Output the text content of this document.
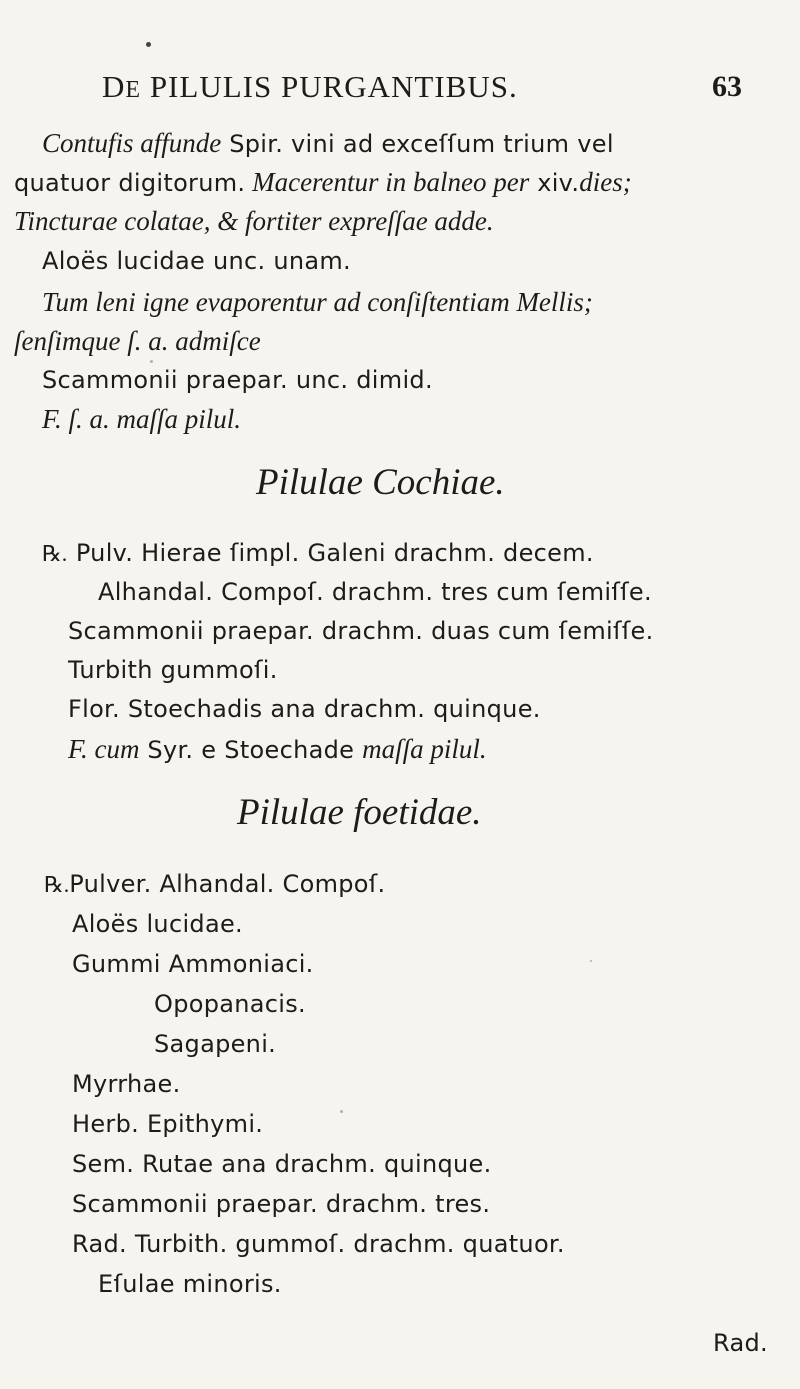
DE PILULIS PURGANTIBUS.	63
Contufis affunde Spir. vini ad exceſſum trium vel
quatuor digitorum. Macerentur in balneo per xiv.dies;
Tincturae colatae, & fortiter expreſſae adde.
Aloës lucidae unc. unam.
Tum leni igne evaporentur ad conſiſtentiam Mellis;
ſenſimque ſ. a. admiſce
Scammonii praepar. unc. dimid.
F. ſ. a. maſſa pilul.
Pilulae Cochiae.
℞. Pulv. Hierae ſimpl. Galeni drachm. decem.
Alhandal. Compoſ. drachm. tres cum ſemiſſe.
Scammonii praepar. drachm. duas cum ſemiſſe.
Turbith gummoſi.
Flor. Stoechadis ana drachm. quinque.
F. cum Syr. e Stoechade maſſa pilul.
Pilulae foetidae.
℞.Pulver. Alhandal. Compoſ.
Aloës lucidae.
Gummi Ammoniaci.
Opopanacis.
Sagapeni.
Myrrhae.
Herb. Epithymi.
Sem. Rutae ana drachm. quinque.
Scammonii praepar. drachm. tres.
Rad. Turbith. gummoſ. drachm. quatuor.
Eſulae minoris.
Rad.
